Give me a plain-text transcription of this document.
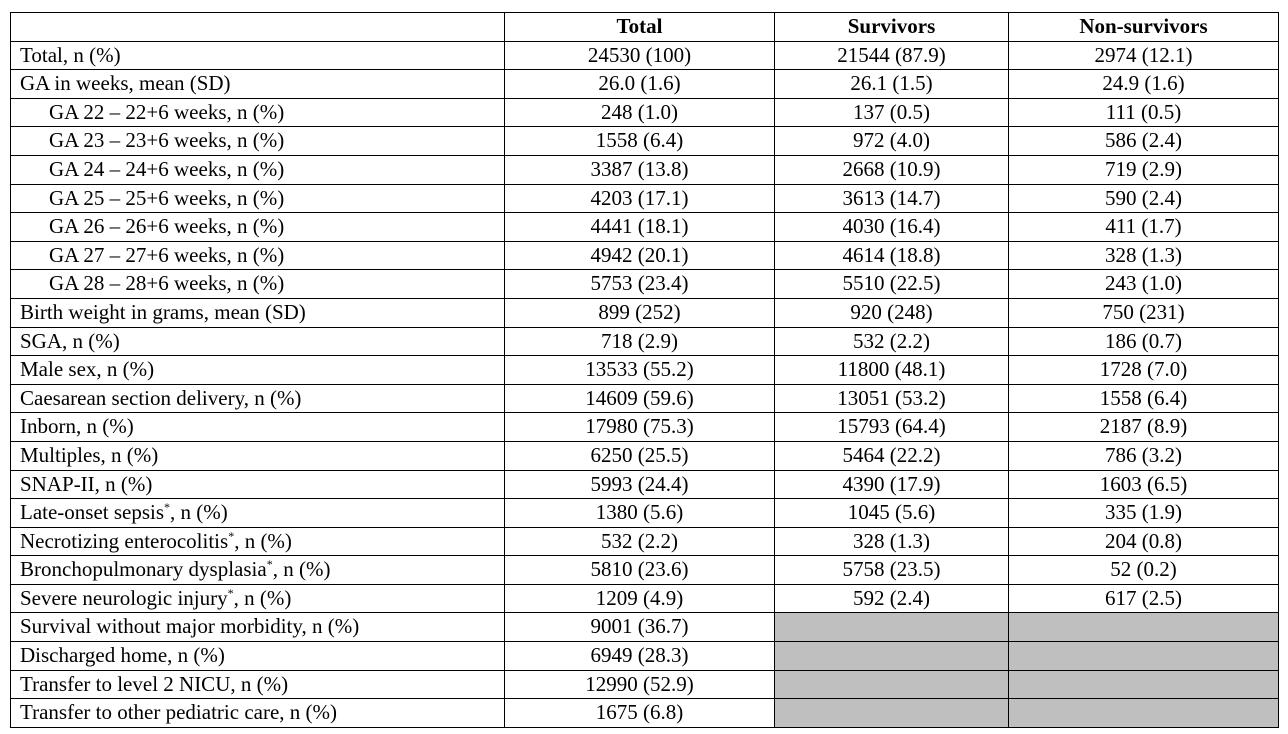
	Total	Survivors	Non-survivors
Total, n (%)	24530 (100)	21544 (87.9)	2974 (12.1)
GA in weeks, mean (SD)	26.0 (1.6)	26.1 (1.5)	24.9 (1.6)
GA 22 – 22+6 weeks, n (%)	248 (1.0)	137 (0.5)	111 (0.5)
GA 23 – 23+6 weeks, n (%)	1558 (6.4)	972 (4.0)	586 (2.4)
GA 24 – 24+6 weeks, n (%)	3387 (13.8)	2668 (10.9)	719 (2.9)
GA 25 – 25+6 weeks, n (%)	4203 (17.1)	3613 (14.7)	590 (2.4)
GA 26 – 26+6 weeks, n (%)	4441 (18.1)	4030 (16.4)	411 (1.7)
GA 27 – 27+6 weeks, n (%)	4942 (20.1)	4614 (18.8)	328 (1.3)
GA 28 – 28+6 weeks, n (%)	5753 (23.4)	5510 (22.5)	243 (1.0)
Birth weight in grams, mean (SD)	899 (252)	920 (248)	750 (231)
SGA, n (%)	718 (2.9)	532 (2.2)	186 (0.7)
Male sex, n (%)	13533 (55.2)	11800 (48.1)	1728 (7.0)
Caesarean section delivery, n (%)	14609 (59.6)	13051 (53.2)	1558 (6.4)
Inborn, n (%)	17980 (75.3)	15793 (64.4)	2187 (8.9)
Multiples, n (%)	6250 (25.5)	5464 (22.2)	786 (3.2)
SNAP-II, n (%)	5993 (24.4)	4390 (17.9)	1603 (6.5)
Late-onset sepsis*, n (%)	1380 (5.6)	1045 (5.6)	335 (1.9)
Necrotizing enterocolitis*, n (%)	532 (2.2)	328 (1.3)	204 (0.8)
Bronchopulmonary dysplasia*, n (%)	5810 (23.6)	5758 (23.5)	52 (0.2)
Severe neurologic injury*, n (%)	1209 (4.9)	592 (2.4)	617 (2.5)
Survival without major morbidity, n (%)	9001 (36.7)		
Discharged home, n (%)	6949 (28.3)		
Transfer to level 2 NICU, n (%)	12990 (52.9)		
Transfer to other pediatric care, n (%)	1675 (6.8)		
